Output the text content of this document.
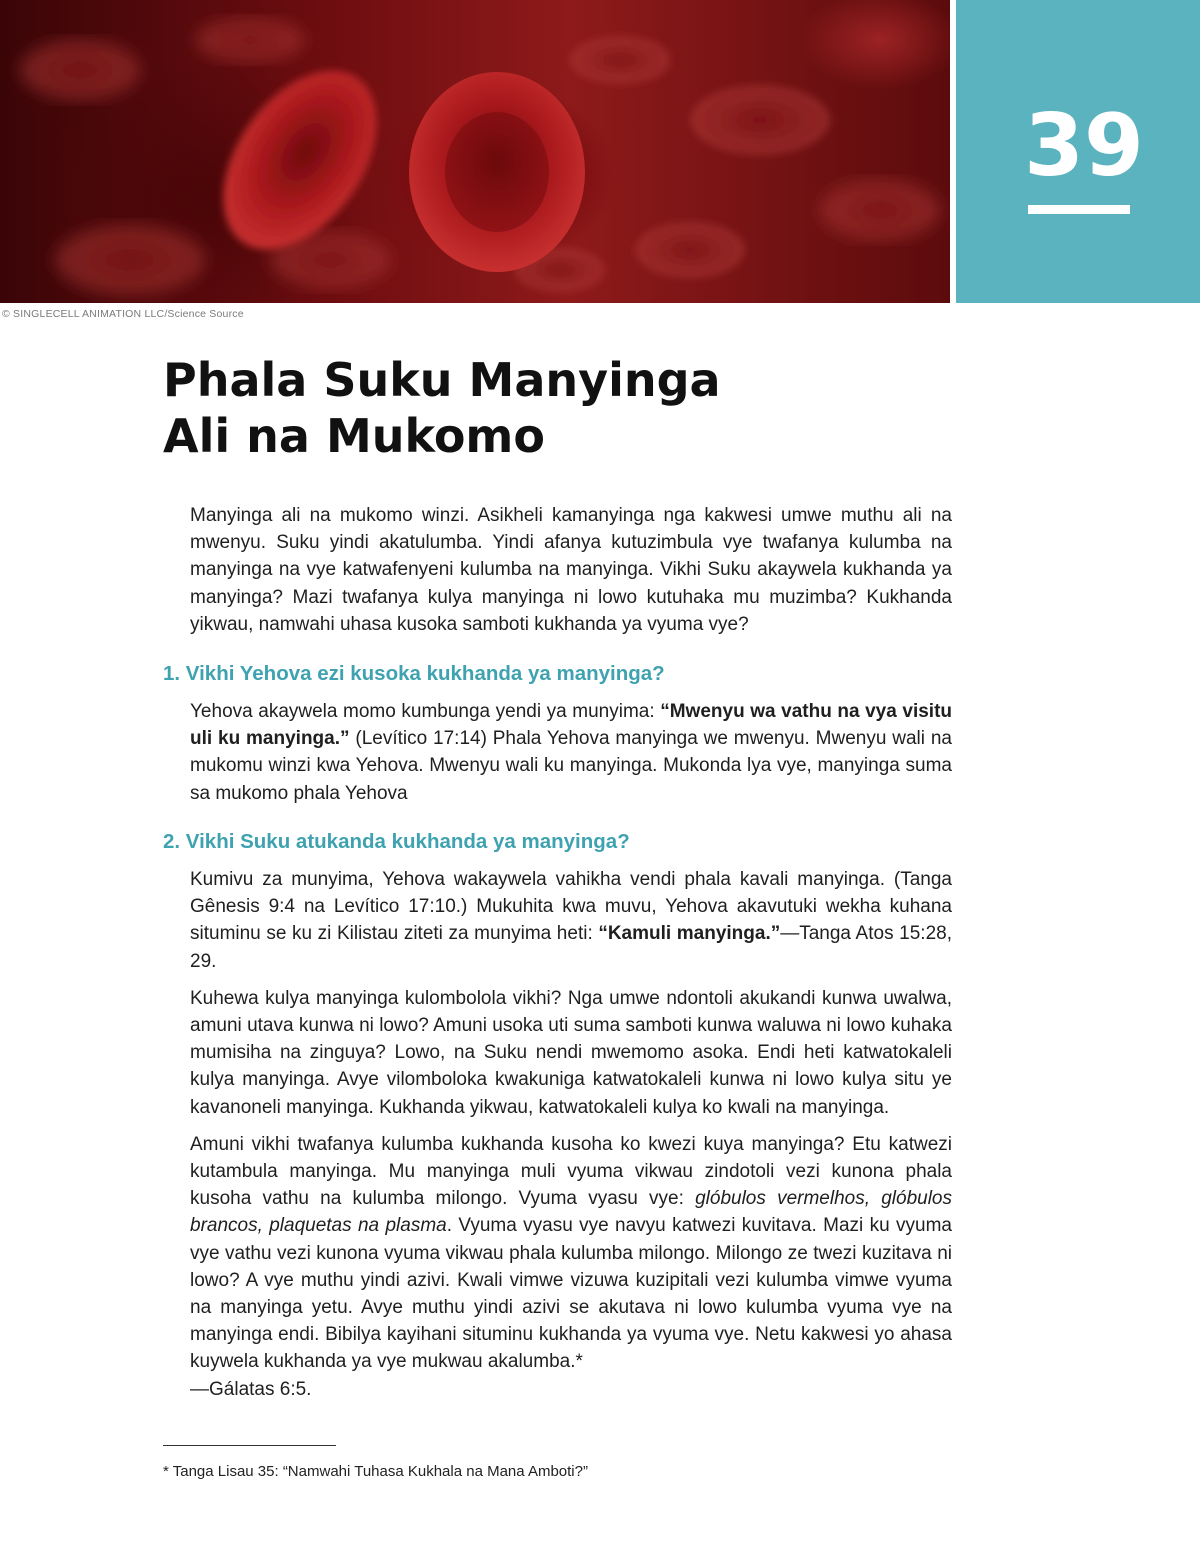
39
© SINGLECELL ANIMATION LLC/Science Source
Phala Suku Manyinga
Ali na Mukomo

Manyinga ali na mukomo winzi. Asikheli kamanyinga nga kakwesi umwe muthu ali na mwenyu. Suku yindi akatulumba. Yindi afanya kutuzimbula vye twafanya kulumba na manyinga na vye katwafenyeni kulumba na manyinga. Vikhi Suku akaywela kukhanda ya manyinga? Mazi twafanya kulya manyinga ni lowo kutuhaka mu muzimba? Kukhanda yikwau, namwahi uhasa kusoka samboti kukhanda ya vyuma vye?

1. Vikhi Yehova ezi kusoka kukhanda ya manyinga?

Yehova akaywela momo kumbunga yendi ya munyima: “Mwenyu wa vathu na vya visitu uli ku manyinga.” (Levítico 17:14) Phala Yehova manyinga we mwenyu. Mwenyu wali na mukomu winzi kwa Yehova. Mwenyu wali ku manyinga. Mukonda lya vye, manyinga suma sa mukomo phala Yehova

2. Vikhi Suku atukanda kukhanda ya manyinga?

Kumivu za munyima, Yehova wakaywela vahikha vendi phala kavali manyinga. (Tanga Gênesis 9:4 na Levítico 17:10.) Mukuhita kwa muvu, Yehova akavutuki wekha kuhana situminu se ku zi Kilistau ziteti za munyima heti: “Kamuli manyinga.”—Tanga Atos 15:28, 29.

Kuhewa kulya manyinga kulombolola vikhi? Nga umwe ndontoli akukandi kunwa uwalwa, amuni utava kunwa ni lowo? Amuni usoka uti suma samboti kunwa waluwa ni lowo kuhaka mumisiha na zinguya? Lowo, na Suku nendi mwemomo asoka. Endi heti katwatokaleli kulya manyinga. Avye vilomboloka kwakuniga katwatokaleli kunwa ni lowo kulya situ ye kavanoneli manyinga. Kukhanda yikwau, katwatokaleli kulya ko kwali na manyinga.

Amuni vikhi twafanya kulumba kukhanda kusoha ko kwezi kuya manyinga? Etu katwezi kutambula manyinga. Mu manyinga muli vyuma vikwau zindotoli vezi kunona phala kusoha vathu na kulumba milongo. Vyuma vyasu vye: glóbulos vermelhos, glóbulos brancos, plaquetas na plasma. Vyuma vyasu vye navyu katwezi kuvitava. Mazi ku vyuma vye vathu vezi kunona vyuma vikwau phala kulumba milongo. Milongo ze twezi kuzitava ni lowo? A vye muthu yindi azivi. Kwali vimwe vizuwa kuzipitali vezi kulumba vimwe vyuma na manyinga yetu. Avye muthu yindi azivi se akutava ni lowo kulumba vyuma vye na manyinga endi. Bibilya kayihani situminu kukhanda ya vyuma vye. Netu kakwesi yo ahasa kuywela kukhanda ya vye mukwau akalumba.*
—Gálatas 6:5.

* Tanga Lisau 35: “Namwahi Tuhasa Kukhala na Mana Amboti?”
